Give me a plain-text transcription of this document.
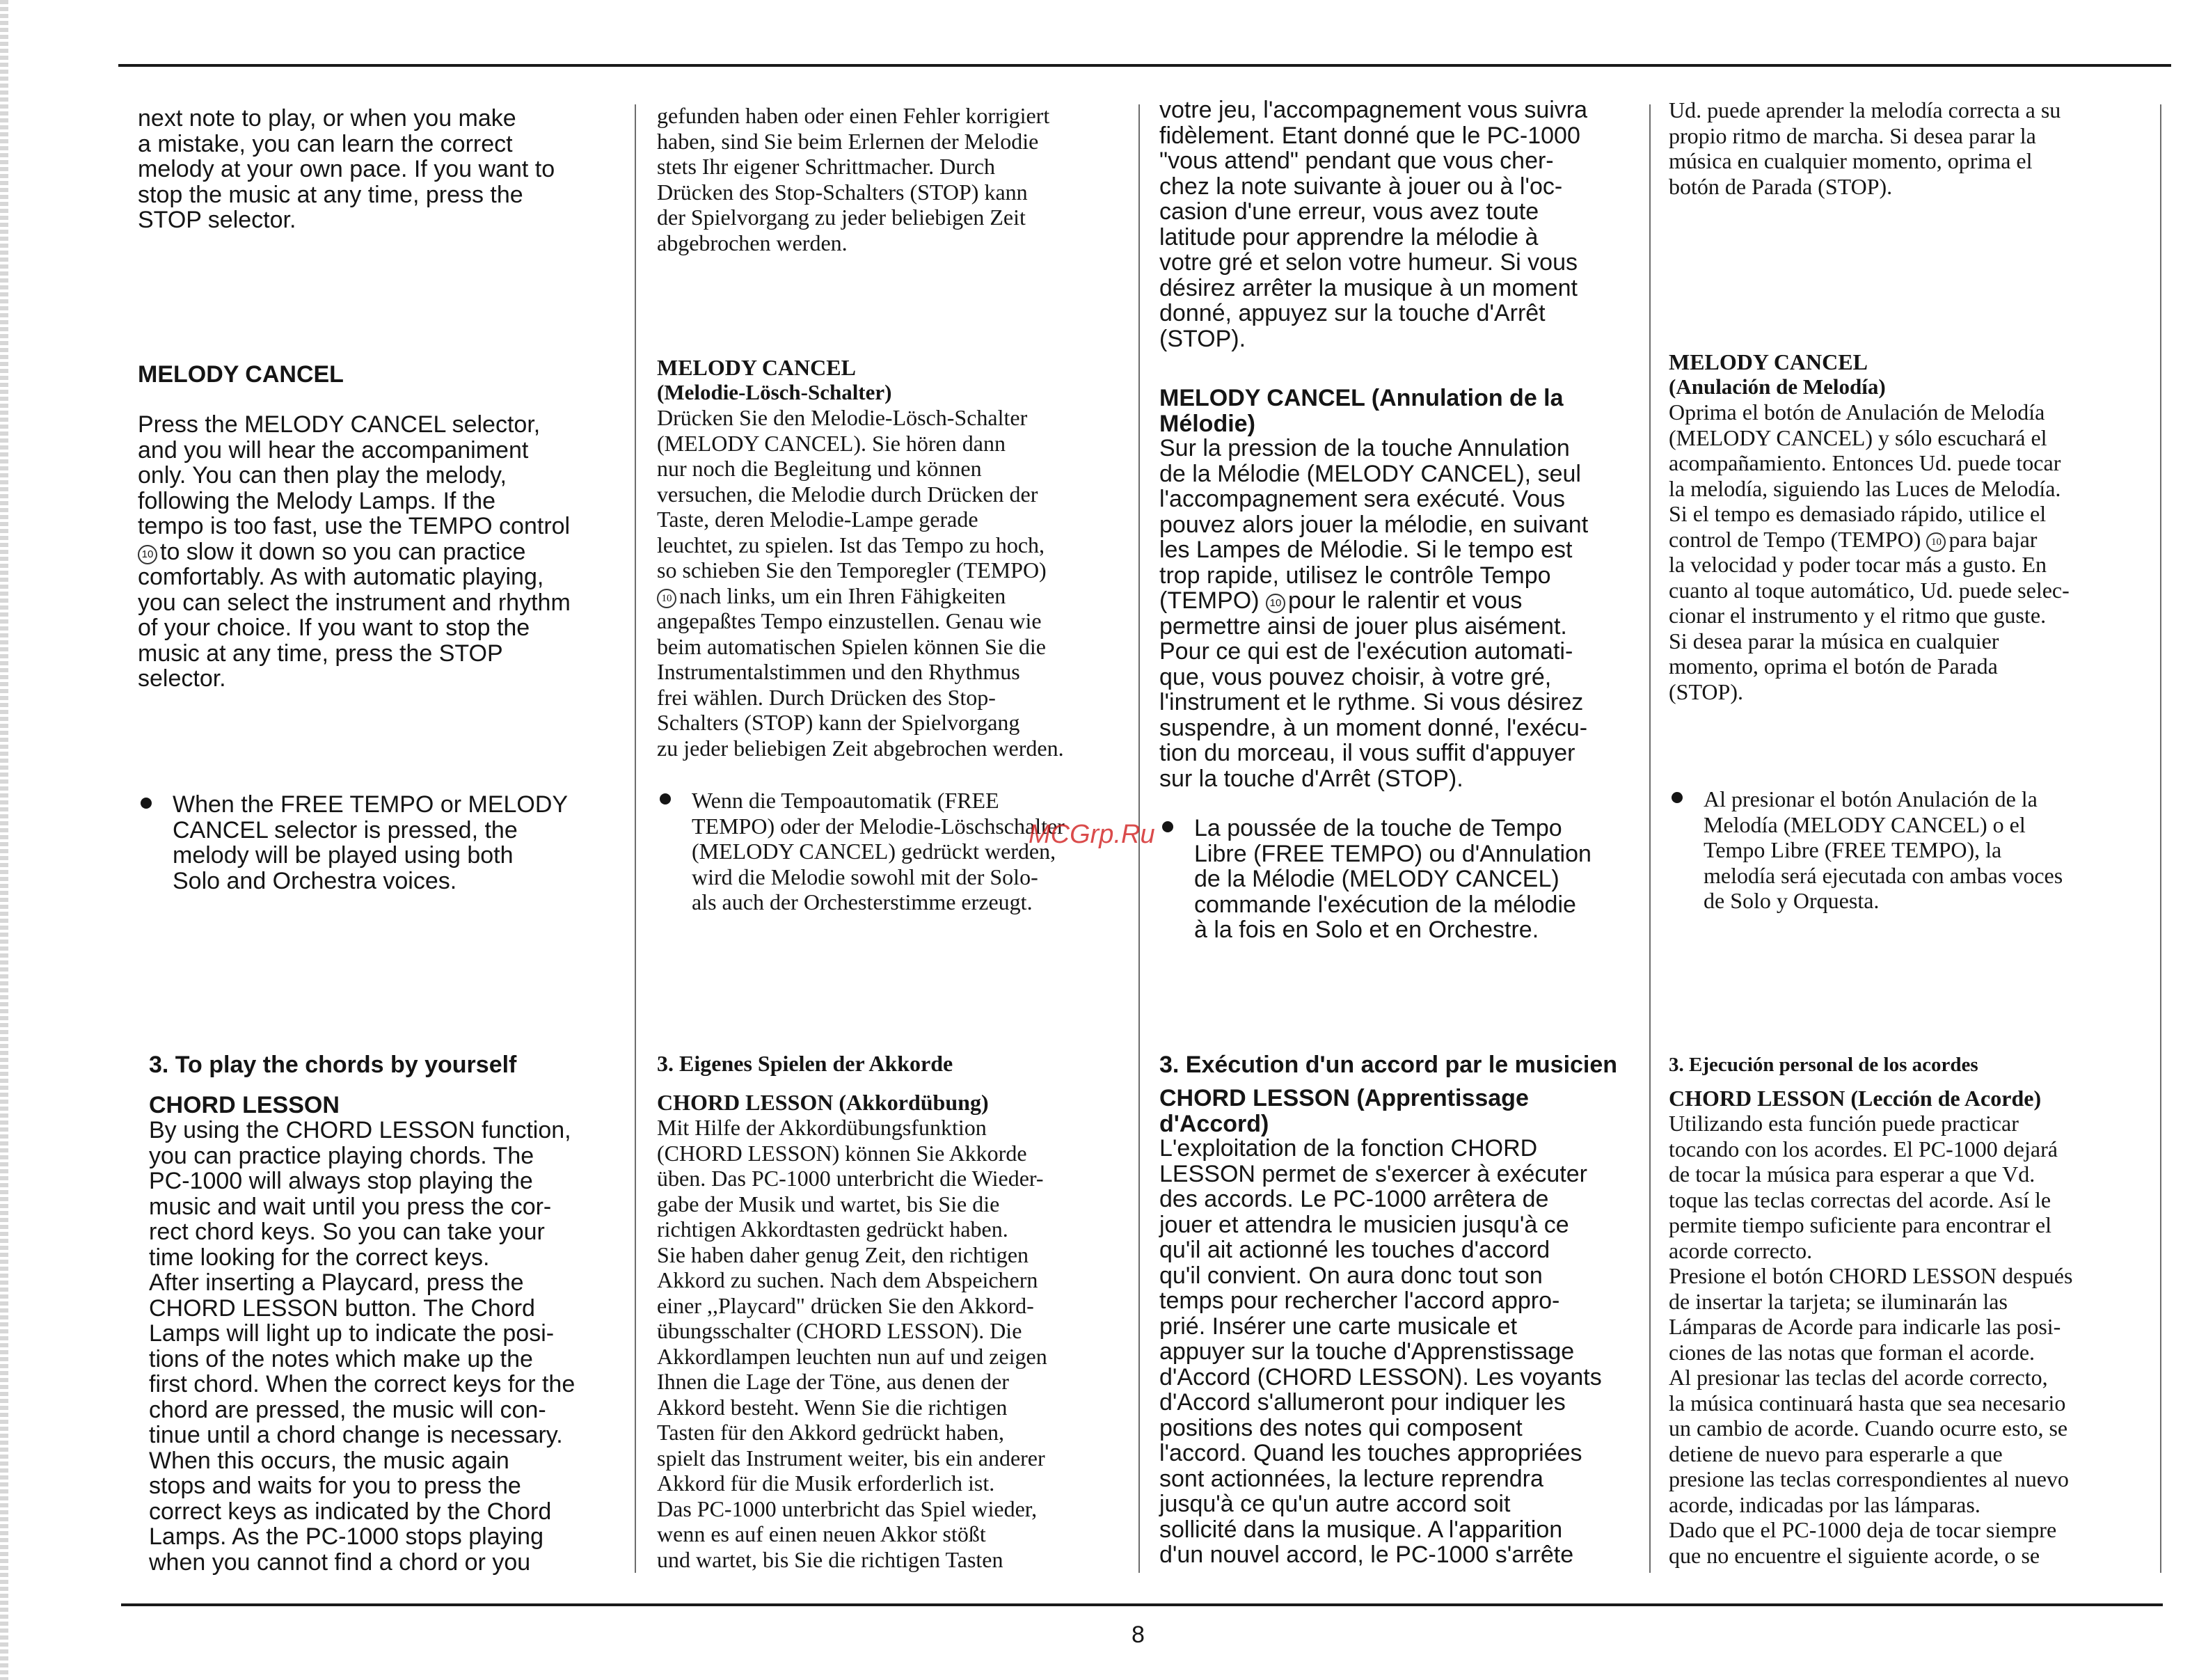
next note to play, or when you make
a mistake, you can learn the correct
melody at your own pace. If you want to
stop the music at any time, press the
STOP selector.
MELODY CANCEL
Press the MELODY CANCEL selector,
and you will hear the accompaniment
only. You can then play the melody,
following the Melody Lamps. If the
tempo is too fast, use the TEMPO control
10 to slow it down so you can practice
comfortably. As with automatic playing,
you can select the instrument and rhythm
of your choice. If you want to stop the
music at any time, press the STOP
selector.
When the FREE TEMPO or MELODY
CANCEL selector is pressed, the
melody will be played using both
Solo and Orchestra voices.
3. To play the chords by yourself
CHORD LESSON
By using the CHORD LESSON function,
you can practice playing chords. The
PC-1000 will always stop playing the
music and wait until you press the cor-
rect chord keys. So you can take your
time looking for the correct keys.
After inserting a Playcard, press the
CHORD LESSON button. The Chord
Lamps will light up to indicate the posi-
tions of the notes which make up the
first chord. When the correct keys for the
chord are pressed, the music will con-
tinue until a chord change is necessary.
When this occurs, the music again
stops and waits for you to press the
correct keys as indicated by the Chord
Lamps. As the PC-1000 stops playing
when you cannot find a chord or you
gefunden haben oder einen Fehler korrigiert
haben, sind Sie beim Erlernen der Melodie
stets Ihr eigener Schrittmacher. Durch
Drücken des Stop-Schalters (STOP) kann
der Spielvorgang zu jeder beliebigen Zeit
abgebrochen werden.
MELODY CANCEL
(Melodie-Lösch-Schalter)
Drücken Sie den Melodie-Lösch-Schalter
(MELODY CANCEL). Sie hören dann
nur noch die Begleitung und können
versuchen, die Melodie durch Drücken der
Taste, deren Melodie-Lampe gerade
leuchtet, zu spielen. Ist das Tempo zu hoch,
so schieben Sie den Temporegler (TEMPO)
10 nach links, um ein Ihren Fähigkeiten
angepaßtes Tempo einzustellen. Genau wie
beim automatischen Spielen können Sie die
Instrumentalstimmen und den Rhythmus
frei wählen. Durch Drücken des Stop-
Schalters (STOP) kann der Spielvorgang
zu jeder beliebigen Zeit abgebrochen werden.
Wenn die Tempoautomatik (FREE
TEMPO) oder der Melodie-Löschschalter
(MELODY CANCEL) gedrückt werden,
wird die Melodie sowohl mit der Solo-
als auch der Orchesterstimme erzeugt.
3. Eigenes Spielen der Akkorde
CHORD LESSON (Akkordübung)
Mit Hilfe der Akkordübungsfunktion
(CHORD LESSON) können Sie Akkorde
üben. Das PC-1000 unterbricht die Wieder-
gabe der Musik und wartet, bis Sie die
richtigen Akkordtasten gedrückt haben.
Sie haben daher genug Zeit, den richtigen
Akkord zu suchen. Nach dem Abspeichern
einer ,,Playcard" drücken Sie den Akkord-
übungsschalter (CHORD LESSON). Die
Akkordlampen leuchten nun auf und zeigen
Ihnen die Lage der Töne, aus denen der
Akkord besteht. Wenn Sie die richtigen
Tasten für den Akkord gedrückt haben,
spielt das Instrument weiter, bis ein anderer
Akkord für die Musik erforderlich ist.
Das PC-1000 unterbricht das Spiel wieder,
wenn es auf einen neuen Akkor stößt
und wartet, bis Sie die richtigen Tasten
votre jeu, l'accompagnement vous suivra
fidèlement. Etant donné que le PC-1000
"vous attend" pendant que vous cher-
chez la note suivante à jouer ou à l'oc-
casion d'une erreur, vous avez toute
latitude pour apprendre la mélodie à
votre gré et selon votre humeur. Si vous
désirez arrêter la musique à un moment
donné, appuyez sur la touche d'Arrêt
(STOP).
MELODY CANCEL (Annulation de la
Mélodie)
Sur la pression de la touche Annulation
de la Mélodie (MELODY CANCEL), seul
l'accompagnement sera exécuté. Vous
pouvez alors jouer la mélodie, en suivant
les Lampes de Mélodie. Si le tempo est
trop rapide, utilisez le contrôle Tempo
(TEMPO) 10 pour le ralentir et vous
permettre ainsi de jouer plus aisément.
Pour ce qui est de l'exécution automati-
que, vous pouvez choisir, à votre gré,
l'instrument et le rythme. Si vous désirez
suspendre, à un moment donné, l'exécu-
tion du morceau, il vous suffit d'appuyer
sur la touche d'Arrêt (STOP).
La poussée de la touche de Tempo
Libre (FREE TEMPO) ou d'Annulation
de la Mélodie (MELODY CANCEL)
commande l'exécution de la mélodie
à la fois en Solo et en Orchestre.
3. Exécution d'un accord par le musicien
CHORD LESSON (Apprentissage
d'Accord)
L'exploitation de la fonction CHORD
LESSON permet de s'exercer à exécuter
des accords. Le PC-1000 arrêtera de
jouer et attendra le musicien jusqu'à ce
qu'il ait actionné les touches d'accord
qu'il convient. On aura donc tout son
temps pour rechercher l'accord appro-
prié. Insérer une carte musicale et
appuyer sur la touche d'Apprenstissage
d'Accord (CHORD LESSON). Les voyants
d'Accord s'allumeront pour indiquer les
positions des notes qui composent
l'accord. Quand les touches appropriées
sont actionnées, la lecture reprendra
jusqu'à ce qu'un autre accord soit
sollicité dans la musique. A l'apparition
d'un nouvel accord, le PC-1000 s'arrête
Ud. puede aprender la melodía correcta a su
propio ritmo de marcha. Si desea parar la
música en cualquier momento, oprima el
botón de Parada (STOP).
MELODY CANCEL
(Anulación de Melodía)
Oprima el botón de Anulación de Melodía
(MELODY CANCEL) y sólo escuchará el
acompañamiento. Entonces Ud. puede tocar
la melodía, siguiendo las Luces de Melodía.
Si el tempo es demasiado rápido, utilice el
control de Tempo (TEMPO) 10 para bajar
la velocidad y poder tocar más a gusto. En
cuanto al toque automático, Ud. puede selec-
cionar el instrumento y el ritmo que guste.
Si desea parar la música en cualquier
momento, oprima el botón de Parada
(STOP).
Al presionar el botón Anulación de la
Melodía (MELODY CANCEL) o el
Tempo Libre (FREE TEMPO), la
melodía será ejecutada con ambas voces
de Solo y Orquesta.
3. Ejecución personal de los acordes
CHORD LESSON (Lección de Acorde)
Utilizando esta función puede practicar
tocando con los acordes. El PC-1000 dejará
de tocar la música para esperar a que Vd.
toque las teclas correctas del acorde. Así le
permite tiempo suficiente para encontrar el
acorde correcto.
Presione el botón CHORD LESSON después
de insertar la tarjeta; se iluminarán las
Lámparas de Acorde para indicarle las posi-
ciones de las notas que forman el acorde.
Al presionar las teclas del acorde correcto,
la música continuará hasta que sea necesario
un cambio de acorde. Cuando ocurre esto, se
detiene de nuevo para esperarle a que
presione las teclas correspondientes al nuevo
acorde, indicadas por las lámparas.
Dado que el PC-1000 deja de tocar siempre
que no encuentre el siguiente acorde, o se
MCGrp.Ru
8
